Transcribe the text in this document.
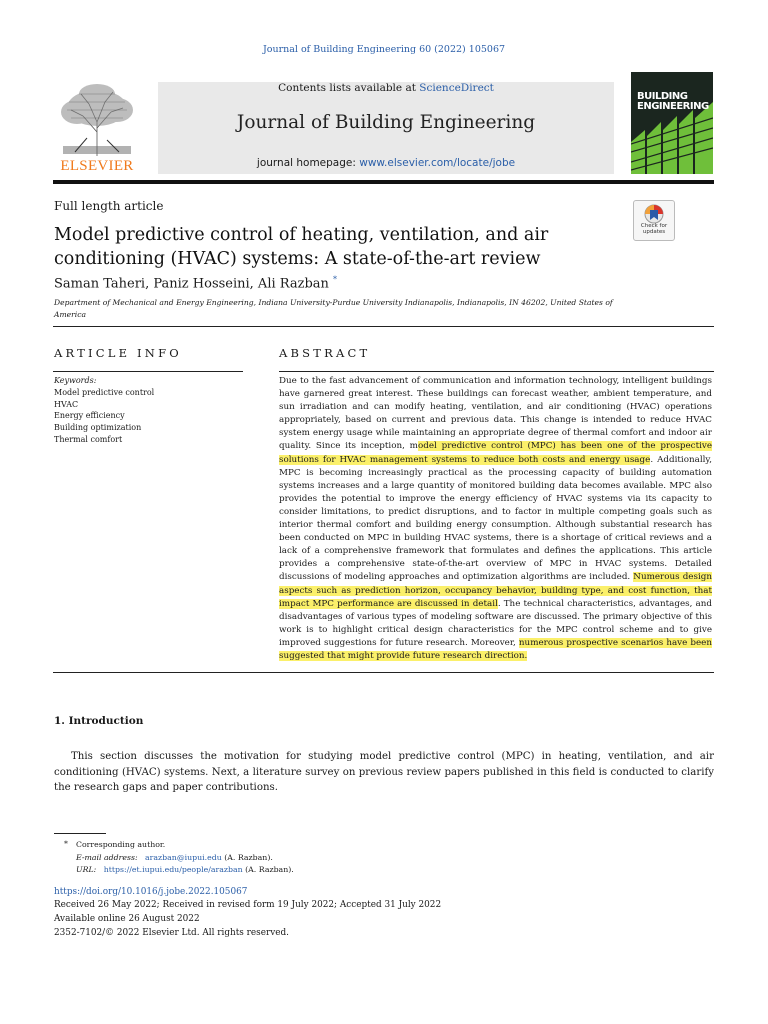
Journal of Building Engineering 60 (2022) 105067
ELSEVIER
Contents lists available at ScienceDirect
Journal of Building Engineering
journal homepage: www.elsevier.com/locate/jobe
BUILDING
ENGINEERING
Full length article
Check for updates
Model predictive control of heating, ventilation, and air
conditioning (HVAC) systems: A state-of-the-art review
Saman Taheri, Paniz Hosseini, Ali Razban *
Department of Mechanical and Energy Engineering, Indiana University-Purdue University Indianapolis, Indianapolis, IN 46202, United States of America
ARTICLE INFO	ABSTRACT
Keywords:
Model predictive control
HVAC
Energy efficiency
Building optimization
Thermal comfort
Due to the fast advancement of communication and information technology, intelligent buildings have garnered great interest. These buildings can forecast weather, ambient temperature, and sun irradiation and can modify heating, ventilation, and air conditioning (HVAC) operations appropriately, based on current and previous data. This change is intended to reduce HVAC system energy usage while maintaining an appropriate degree of thermal comfort and indoor air quality. Since its inception, model predictive control (MPC) has been one of the prospective solutions for HVAC management systems to reduce both costs and energy usage. Additionally, MPC is becoming increasingly practical as the processing capacity of building automation systems increases and a large quantity of monitored building data becomes available. MPC also provides the potential to improve the energy efficiency of HVAC systems via its capacity to consider limitations, to predict disruptions, and to factor in multiple competing goals such as interior thermal comfort and building energy consumption. Although substantial research has been conducted on MPC in building HVAC systems, there is a shortage of critical reviews and a lack of a comprehensive framework that formulates and defines the applications. This article provides a comprehensive state-of-the-art overview of MPC in HVAC systems. Detailed discussions of modeling approaches and optimization algorithms are included. Numerous design aspects such as prediction horizon, occupancy behavior, building type, and cost function, that impact MPC performance are discussed in detail. The technical characteristics, advantages, and disadvantages of various types of modeling software are discussed. The primary objective of this work is to highlight critical design characteristics for the MPC control scheme and to give improved suggestions for future research. Moreover, numerous prospective scenarios have been suggested that might provide future research direction.
1. Introduction
This section discusses the motivation for studying model predictive control (MPC) in heating, ventilation, and air conditioning (HVAC) systems. Next, a literature survey on previous review papers published in this field is conducted to clarify the research gaps and paper contributions.
* Corresponding author.
E-mail address: arazban@iupui.edu (A. Razban).
URL: https://et.iupui.edu/people/arazban (A. Razban).
https://doi.org/10.1016/j.jobe.2022.105067
Received 26 May 2022; Received in revised form 19 July 2022; Accepted 31 July 2022
Available online 26 August 2022
2352-7102/© 2022 Elsevier Ltd. All rights reserved.
